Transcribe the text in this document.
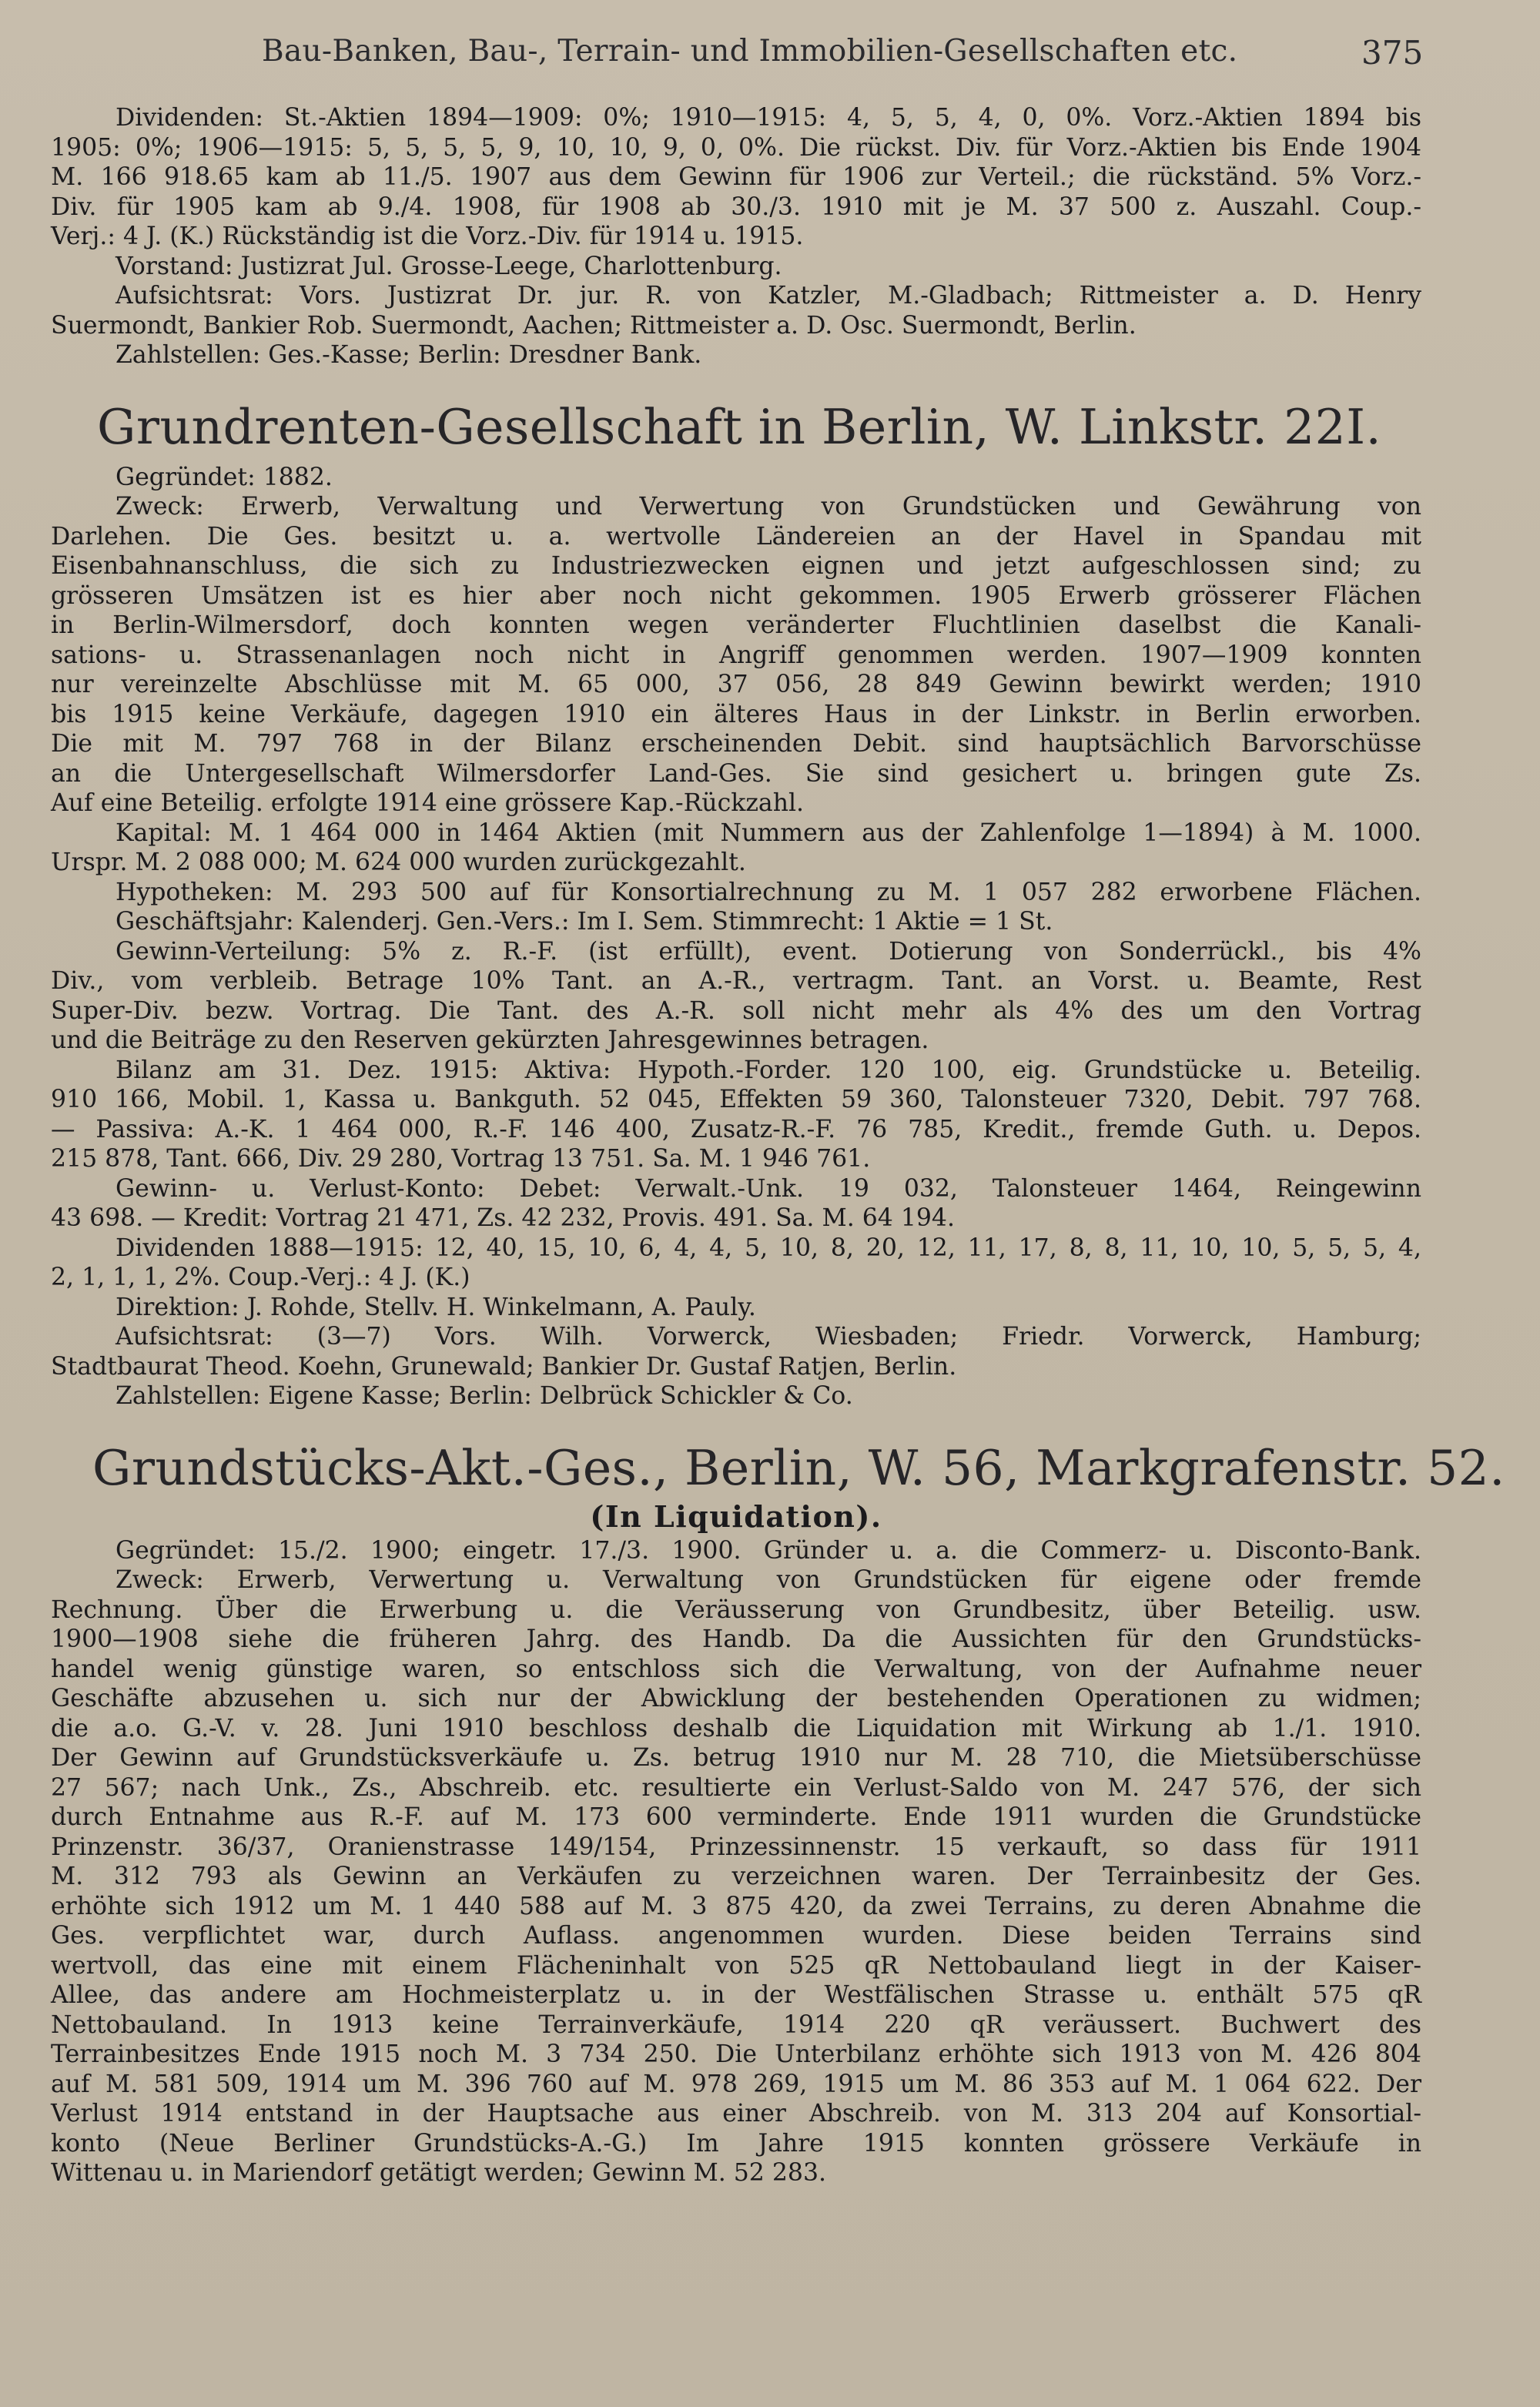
Bau-Banken, Bau-, Terrain- und Immobilien-Gesellschaften etc.	375
Dividenden: St.-Aktien 1894—1909: 0%; 1910—1915: 4, 5, 5, 4, 0, 0%. Vorz.-Aktien 1894 bis
1905: 0%; 1906—1915: 5, 5, 5, 5, 9, 10, 10, 9, 0, 0%. Die rückst. Div. für Vorz.-Aktien bis Ende 1904
M. 166 918.65 kam ab 11./5. 1907 aus dem Gewinn für 1906 zur Verteil.; die rückständ. 5% Vorz.-
Div. für 1905 kam ab 9./4. 1908, für 1908 ab 30./3. 1910 mit je M. 37 500 z. Auszahl. Coup.-
Verj.: 4 J. (K.) Rückständig ist die Vorz.-Div. für 1914 u. 1915.
Vorstand: Justizrat Jul. Grosse-Leege, Charlottenburg.
Aufsichtsrat: Vors. Justizrat Dr. jur. R. von Katzler, M.-Gladbach; Rittmeister a. D. Henry
Suermondt, Bankier Rob. Suermondt, Aachen; Rittmeister a. D. Osc. Suermondt, Berlin.
Zahlstellen: Ges.-Kasse; Berlin: Dresdner Bank.
Grundrenten-Gesellschaft in Berlin, W. Linkstr. 22I.
Gegründet: 1882.
Zweck: Erwerb, Verwaltung und Verwertung von Grundstücken und Gewährung von
Darlehen. Die Ges. besitzt u. a. wertvolle Ländereien an der Havel in Spandau mit
Eisenbahnanschluss, die sich zu Industriezwecken eignen und jetzt aufgeschlossen sind; zu
grösseren Umsätzen ist es hier aber noch nicht gekommen. 1905 Erwerb grösserer Flächen
in Berlin-Wilmersdorf, doch konnten wegen veränderter Fluchtlinien daselbst die Kanali-
sations- u. Strassenanlagen noch nicht in Angriff genommen werden. 1907—1909 konnten
nur vereinzelte Abschlüsse mit M. 65 000, 37 056, 28 849 Gewinn bewirkt werden; 1910
bis 1915 keine Verkäufe, dagegen 1910 ein älteres Haus in der Linkstr. in Berlin erworben.
Die mit M. 797 768 in der Bilanz erscheinenden Debit. sind hauptsächlich Barvorschüsse
an die Untergesellschaft Wilmersdorfer Land-Ges. Sie sind gesichert u. bringen gute Zs.
Auf eine Beteilig. erfolgte 1914 eine grössere Kap.-Rückzahl.
Kapital: M. 1 464 000 in 1464 Aktien (mit Nummern aus der Zahlenfolge 1—1894) à M. 1000.
Urspr. M. 2 088 000; M. 624 000 wurden zurückgezahlt.
Hypotheken: M. 293 500 auf für Konsortialrechnung zu M. 1 057 282 erworbene Flächen.
Geschäftsjahr: Kalenderj. Gen.-Vers.: Im I. Sem. Stimmrecht: 1 Aktie = 1 St.
Gewinn-Verteilung: 5% z. R.-F. (ist erfüllt), event. Dotierung von Sonderrückl., bis 4%
Div., vom verbleib. Betrage 10% Tant. an A.-R., vertragm. Tant. an Vorst. u. Beamte, Rest
Super-Div. bezw. Vortrag. Die Tant. des A.-R. soll nicht mehr als 4% des um den Vortrag
und die Beiträge zu den Reserven gekürzten Jahresgewinnes betragen.
Bilanz am 31. Dez. 1915: Aktiva: Hypoth.-Forder. 120 100, eig. Grundstücke u. Beteilig.
910 166, Mobil. 1, Kassa u. Bankguth. 52 045, Effekten 59 360, Talonsteuer 7320, Debit. 797 768.
— Passiva: A.-K. 1 464 000, R.-F. 146 400, Zusatz-R.-F. 76 785, Kredit., fremde Guth. u. Depos.
215 878, Tant. 666, Div. 29 280, Vortrag 13 751. Sa. M. 1 946 761.
Gewinn- u. Verlust-Konto: Debet: Verwalt.-Unk. 19 032, Talonsteuer 1464, Reingewinn
43 698. — Kredit: Vortrag 21 471, Zs. 42 232, Provis. 491. Sa. M. 64 194.
Dividenden 1888—1915: 12, 40, 15, 10, 6, 4, 4, 5, 10, 8, 20, 12, 11, 17, 8, 8, 11, 10, 10, 5, 5, 5, 4,
2, 1, 1, 1, 2%. Coup.-Verj.: 4 J. (K.)
Direktion: J. Rohde, Stellv. H. Winkelmann, A. Pauly.
Aufsichtsrat: (3—7) Vors. Wilh. Vorwerck, Wiesbaden; Friedr. Vorwerck, Hamburg;
Stadtbaurat Theod. Koehn, Grunewald; Bankier Dr. Gustaf Ratjen, Berlin.
Zahlstellen: Eigene Kasse; Berlin: Delbrück Schickler & Co.
Grundstücks-Akt.-Ges., Berlin, W. 56, Markgrafenstr. 52.
(In Liquidation).
Gegründet: 15./2. 1900; eingetr. 17./3. 1900. Gründer u. a. die Commerz- u. Disconto-Bank.
Zweck: Erwerb, Verwertung u. Verwaltung von Grundstücken für eigene oder fremde
Rechnung. Über die Erwerbung u. die Veräusserung von Grundbesitz, über Beteilig. usw.
1900—1908 siehe die früheren Jahrg. des Handb. Da die Aussichten für den Grundstücks-
handel wenig günstige waren, so entschloss sich die Verwaltung, von der Aufnahme neuer
Geschäfte abzusehen u. sich nur der Abwicklung der bestehenden Operationen zu widmen;
die a.o. G.-V. v. 28. Juni 1910 beschloss deshalb die Liquidation mit Wirkung ab 1./1. 1910.
Der Gewinn auf Grundstücksverkäufe u. Zs. betrug 1910 nur M. 28 710, die Mietsüberschüsse
27 567; nach Unk., Zs., Abschreib. etc. resultierte ein Verlust-Saldo von M. 247 576, der sich
durch Entnahme aus R.-F. auf M. 173 600 verminderte. Ende 1911 wurden die Grundstücke
Prinzenstr. 36/37, Oranienstrasse 149/154, Prinzessinnenstr. 15 verkauft, so dass für 1911
M. 312 793 als Gewinn an Verkäufen zu verzeichnen waren. Der Terrainbesitz der Ges.
erhöhte sich 1912 um M. 1 440 588 auf M. 3 875 420, da zwei Terrains, zu deren Abnahme die
Ges. verpflichtet war, durch Auflass. angenommen wurden. Diese beiden Terrains sind
wertvoll, das eine mit einem Flächeninhalt von 525 qR Nettobauland liegt in der Kaiser-
Allee, das andere am Hochmeisterplatz u. in der Westfälischen Strasse u. enthält 575 qR
Nettobauland. In 1913 keine Terrainverkäufe, 1914 220 qR veräussert. Buchwert des
Terrainbesitzes Ende 1915 noch M. 3 734 250. Die Unterbilanz erhöhte sich 1913 von M. 426 804
auf M. 581 509, 1914 um M. 396 760 auf M. 978 269, 1915 um M. 86 353 auf M. 1 064 622. Der
Verlust 1914 entstand in der Hauptsache aus einer Abschreib. von M. 313 204 auf Konsortial-
konto (Neue Berliner Grundstücks-A.-G.) Im Jahre 1915 konnten grössere Verkäufe in
Wittenau u. in Mariendorf getätigt werden; Gewinn M. 52 283.
